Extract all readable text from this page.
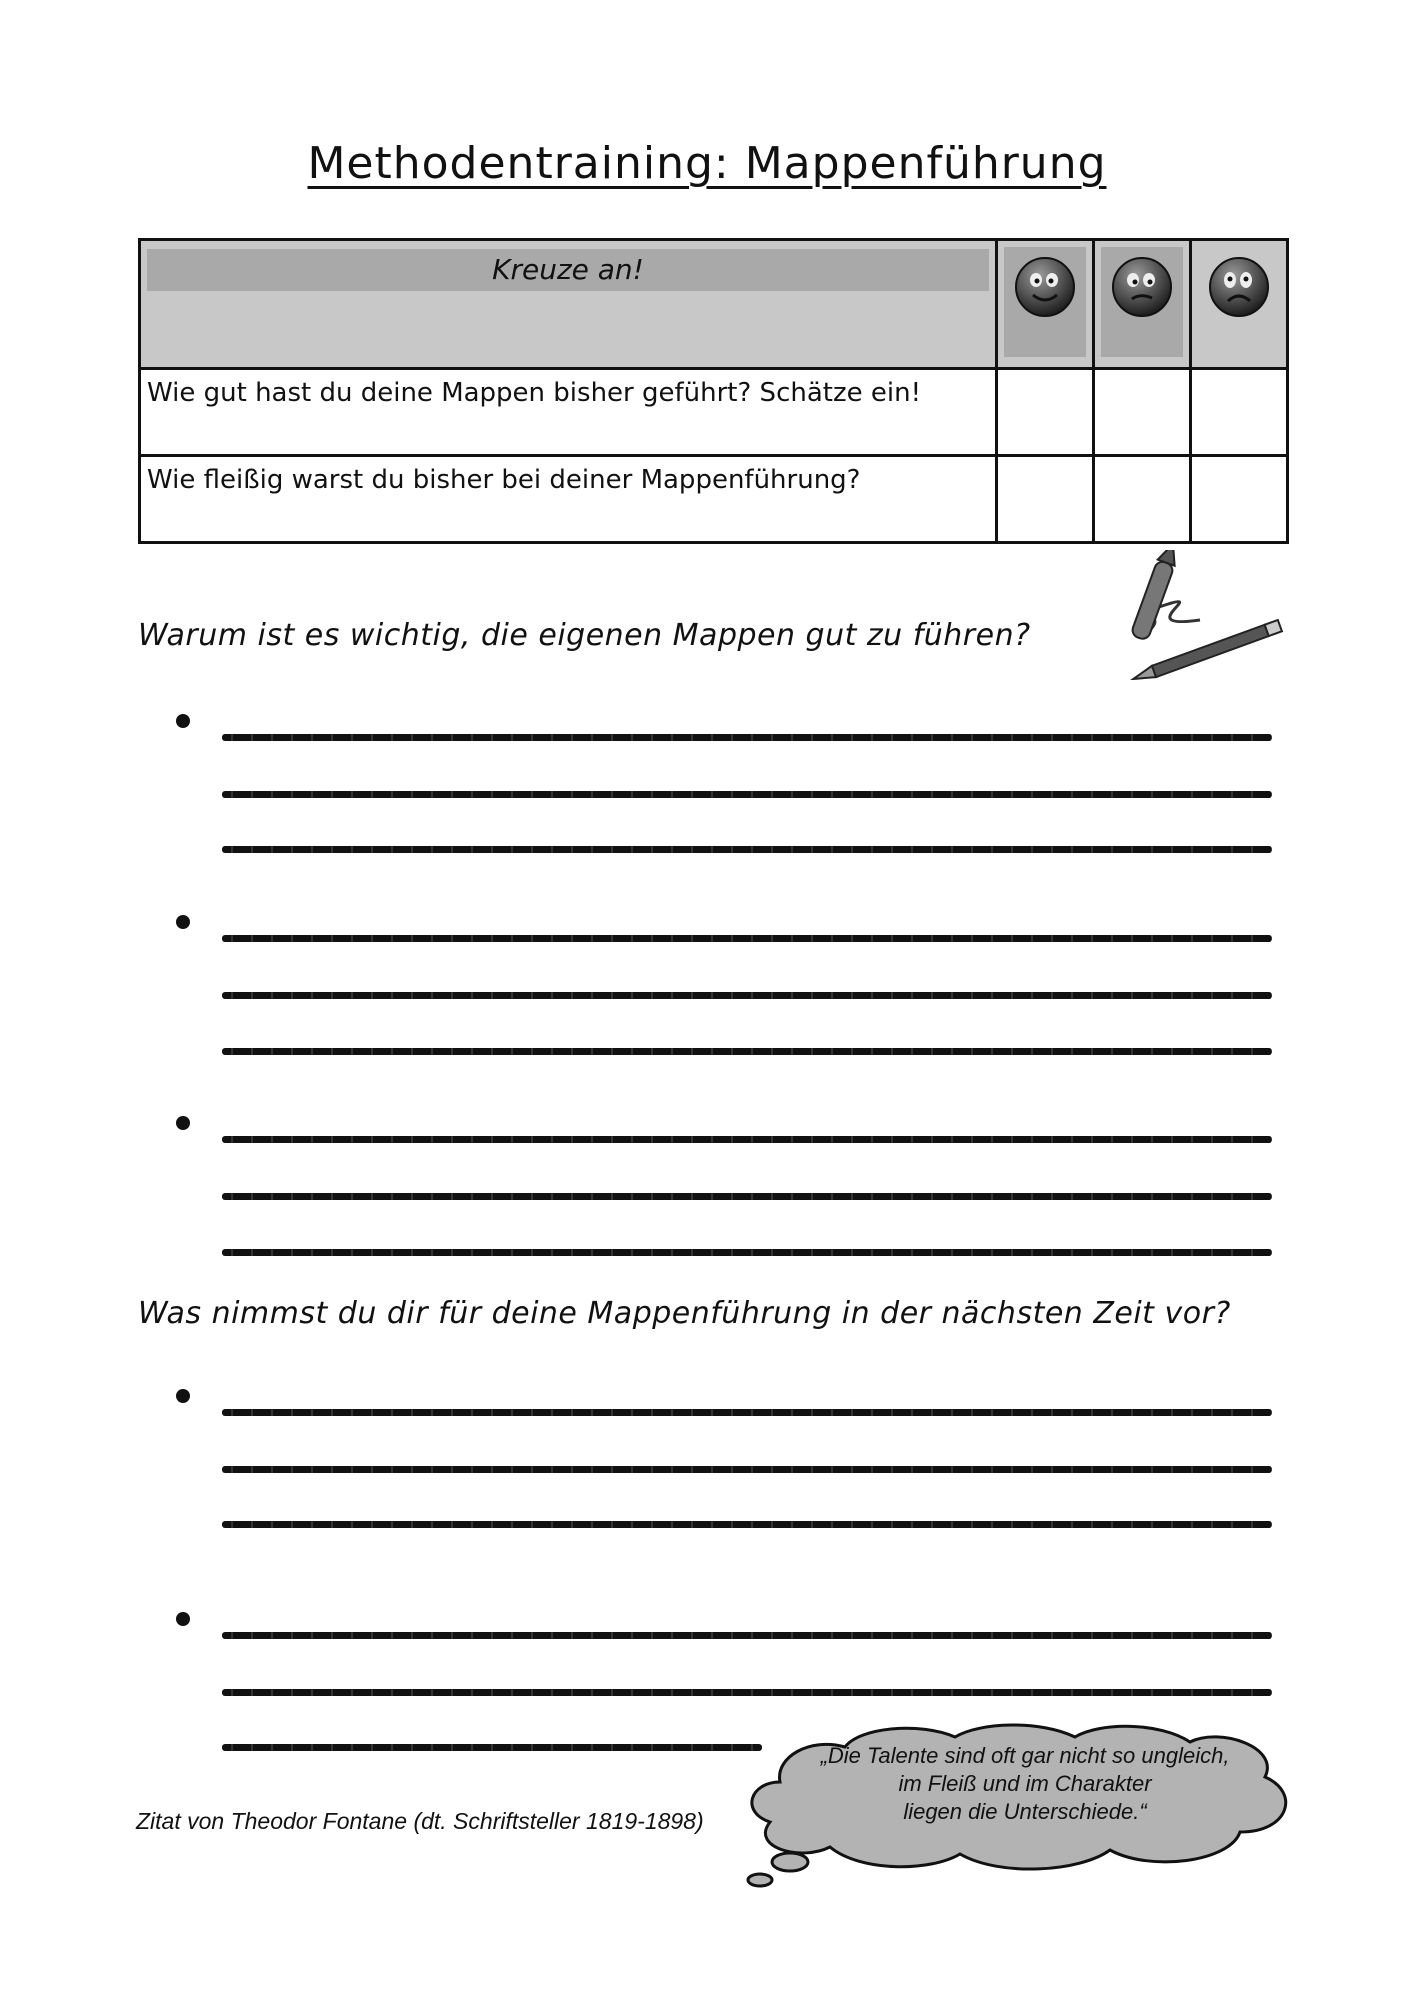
Methodentraining: Mappenführung
Kreuze an!

Wie gut hast du deine Mappen bisher geführt? Schätze ein!			

Wie fleißig warst du bisher bei deiner Mappenführung?			

Warum ist es wichtig, die eigenen Mappen gut zu führen?
Was nimmst du dir für deine Mappenführung in der nächsten Zeit vor?
„Die Talente sind oft gar nicht so ungleich,
im Fleiß und im Charakter
liegen die Unterschiede.“
Zitat von Theodor Fontane (dt. Schriftsteller 1819-1898)
